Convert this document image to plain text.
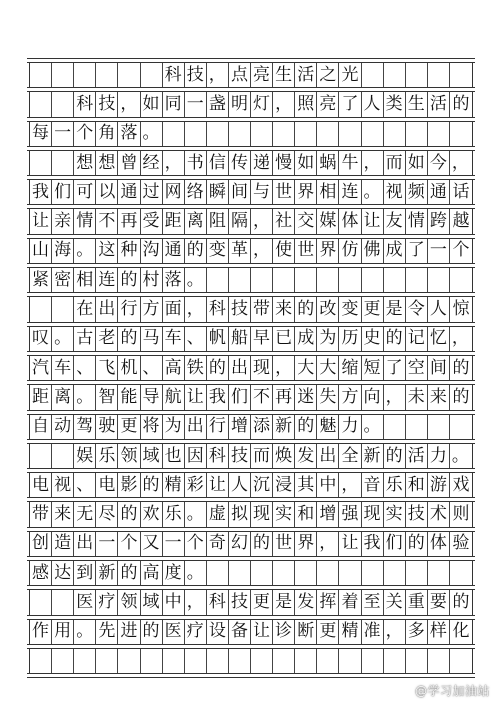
科 技 ， 点 亮 生 活 之 光
科 技 ， 如 同 一 盏 明 灯 ， 照 亮 了 人 类 生 活 的
每 一 个 角 落 。
想 想 曾 经 ， 书 信 传 递 慢 如 蜗 牛 ， 而 如 今 ，
我 们 可 以 通 过 网 络 瞬 间 与 世 界 相 连 。 视 频 通 话
让 亲 情 不 再 受 距 离 阻 隔 ， 社 交 媒 体 让 友 情 跨 越
山 海 。 这 种 沟 通 的 变 革 ， 使 世 界 仿 佛 成 了 一 个
紧 密 相 连 的 村 落 。
在 出 行 方 面 ， 科 技 带 来 的 改 变 更 是 令 人 惊
叹 。 古 老 的 马 车 、 帆 船 早 已 成 为 历 史 的 记 忆 ，
汽 车 、 飞 机 、 高 铁 的 出 现 ， 大 大 缩 短 了 空 间 的
距 离 。 智 能 导 航 让 我 们 不 再 迷 失 方 向 ， 未 来 的
自 动 驾 驶 更 将 为 出 行 增 添 新 的 魅 力 。
娱 乐 领 域 也 因 科 技 而 焕 发 出 全 新 的 活 力 。
电 视 、 电 影 的 精 彩 让 人 沉 浸 其 中 ， 音 乐 和 游 戏
带 来 无 尽 的 欢 乐 。 虚 拟 现 实 和 增 强 现 实 技 术 则
创 造 出 一 个 又 一 个 奇 幻 的 世 界 ， 让 我 们 的 体 验
感 达 到 新 的 高 度 。
医 疗 领 域 中 ， 科 技 更 是 发 挥 着 至 关 重 要 的
作 用 。 先 进 的 医 疗 设 备 让 诊 断 更 精 准 ， 多 样 化
@学习加油站
